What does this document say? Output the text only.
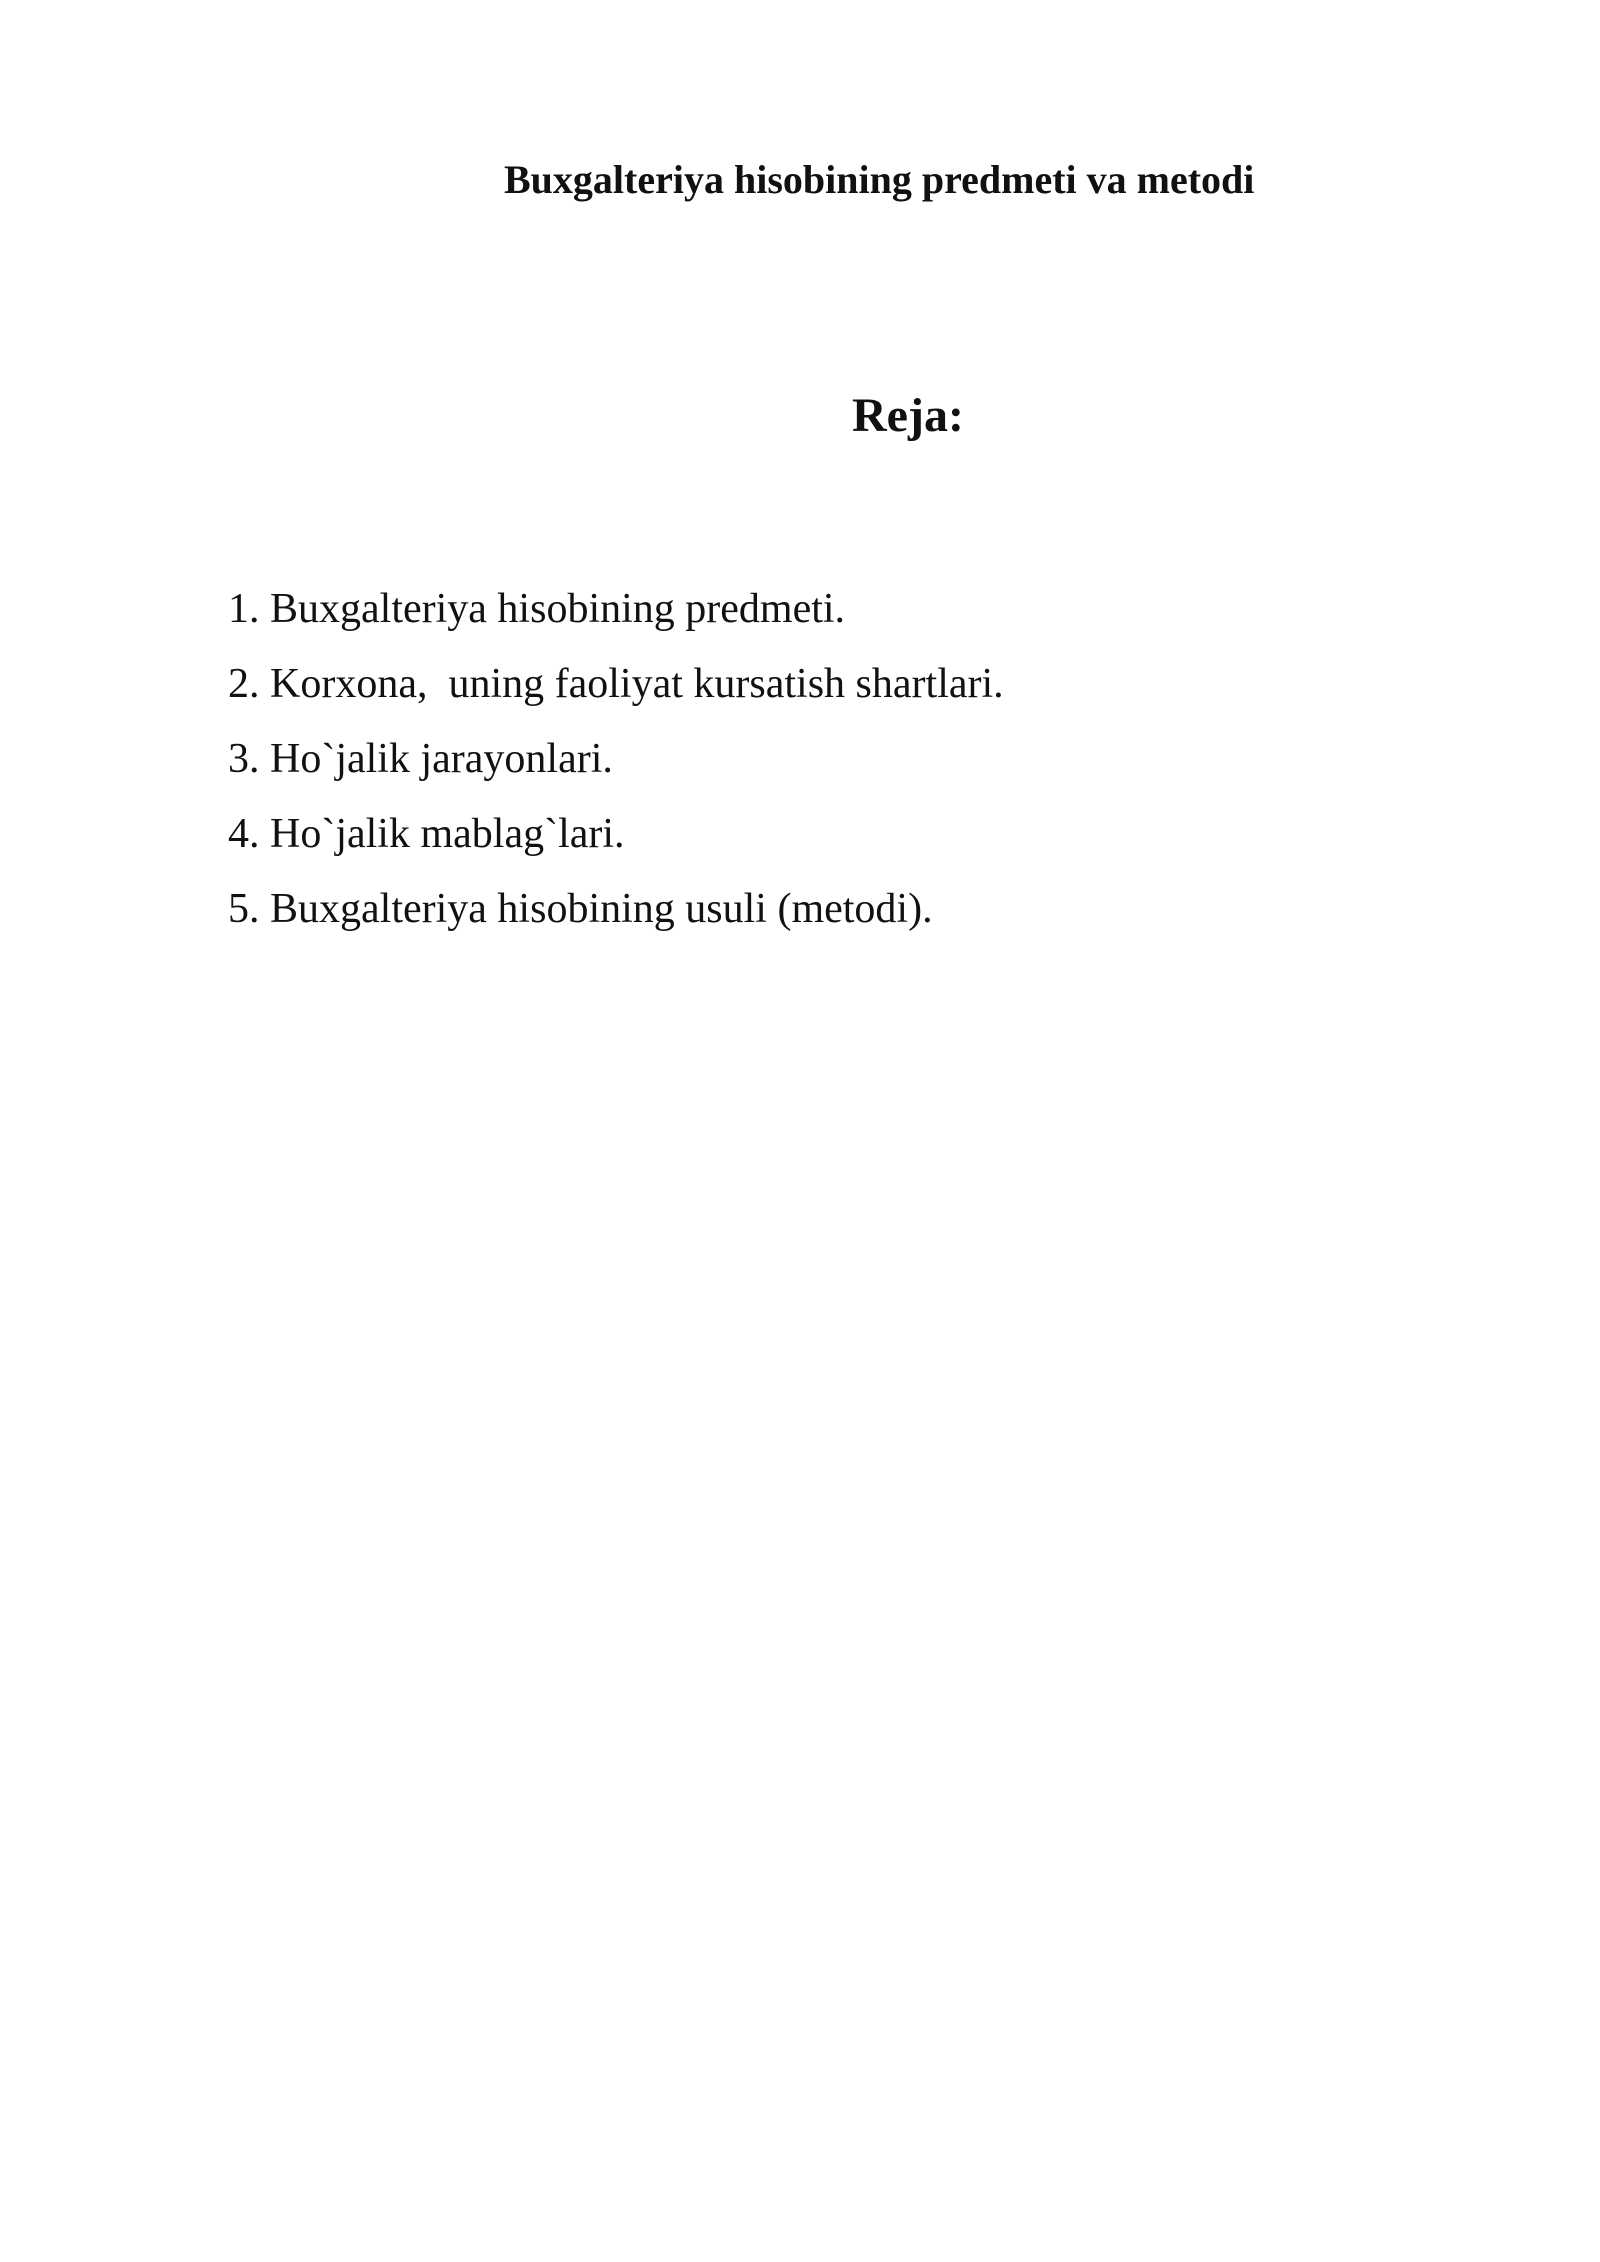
Buxgalteriya hisobining predmeti va metodi
Reja:
1. Buxgalteriya hisobining predmeti.
2. Korxona,  uning faoliyat kursatish shartlari.
3. Ho`jalik jarayonlari.
4. Ho`jalik mablag`lari.
5. Buxgalteriya hisobining usuli (metodi).
